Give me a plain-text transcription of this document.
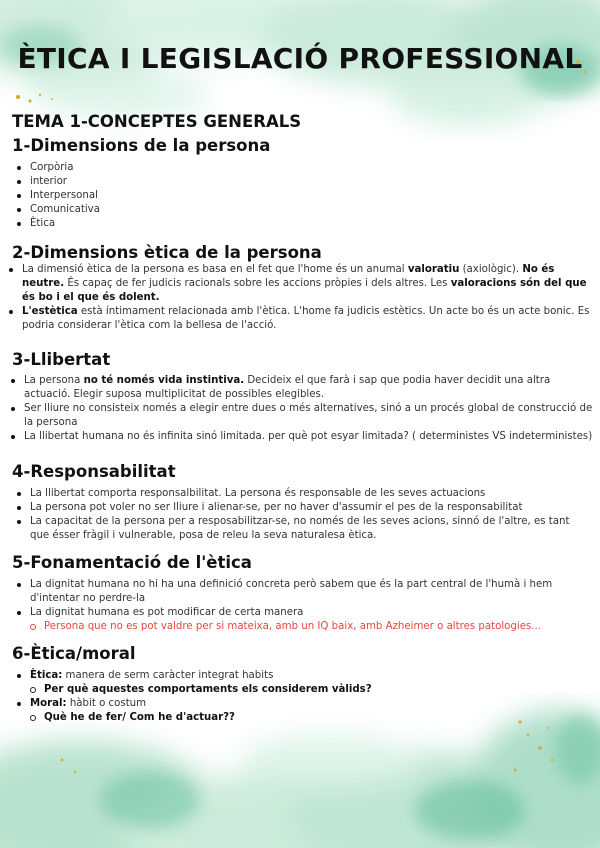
ÈTICA I LEGISLACIÓ PROFESSIONAL
TEMA 1-CONCEPTES GENERALS
1-Dimensions de la persona
Corpòria
interior
Interpersonal
Comunicativa
Ètica
2-Dimensions ètica de la persona
La dimensió ètica de la persona es basa en el fet que l'home és un anumal valoratiu (axiològic). No és neutre. És capaç de fer judicis racionals sobre les accions pròpies i dels altres. Les valoracions són del que és bo i el que és dolent.
L'estètica està íntimament relacionada amb l'ètica. L'home fa judicis estètics. Un acte bo és un acte bonic. Es podria considerar l'ètica com la bellesa de l'acció.
3-Llibertat
La persona no té només vida instintiva. Decideix el que farà i sap que podia haver decidit una altra actuació. Elegir suposa multiplicitat de possibles elegibles.
Ser lliure no consisteix només a elegir entre dues o més alternatives, sinó a un procés global de construcció de la persona
La llibertat humana no és infinita sinó limitada. per què pot esyar limitada? ( deterministes VS indeterministes)
4-Responsabilitat
La llibertat comporta responsalbilitat. La persona és responsable de les seves actuacions
La persona pot voler no ser lliure i alienar-se, per no haver d'assumir el pes de la responsabilitat
La capacitat de la persona per a resposabilitzar-se, no només de les seves acions, sinnó de l'altre, es tant que ésser fràgil i vulnerable, posa de releu la seva naturalesa ètica.
5-Fonamentació de l'ètica
La dignitat humana no hi ha una definició concreta però sabem que és la part central de l'humà i hem d'intentar no perdre-la
La dignitat humana es pot modificar de certa manera
Persona que no es pot valdre per si mateixa, amb un IQ baix, amb Azheimer o altres patologies...
6-Ètica/moral
Ètica: manera de serm caràcter integrat habits
Per què aquestes comportaments els considerem vàlids?
Moral: hàbit o costum
Què he de fer/ Com he d'actuar??
